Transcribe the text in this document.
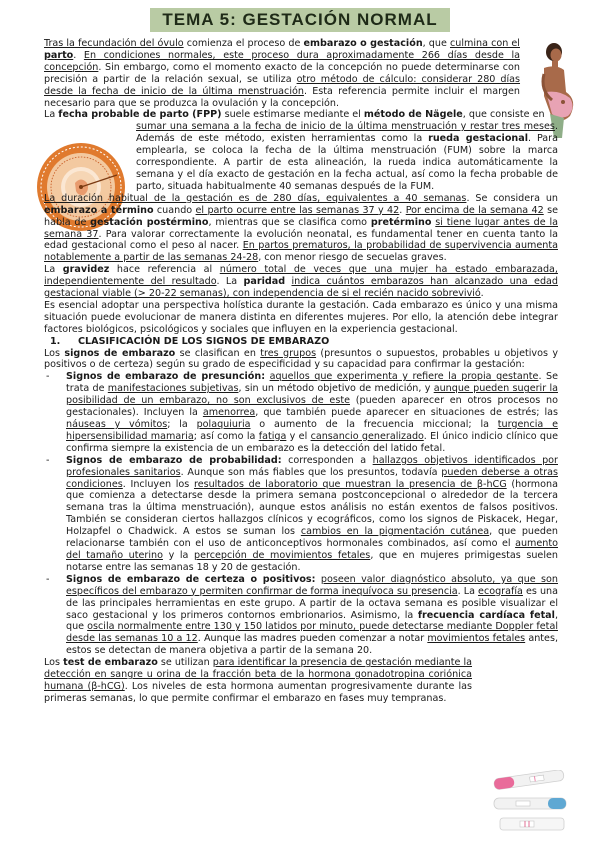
TEMA 5: GESTACIÓN NORMAL

Tras la fecundación del óvulo comienza el proceso de embarazo o gestación, que culmina con el parto. En condiciones normales, este proceso dura aproximadamente 266 días desde la concepción. Sin embargo, como el momento exacto de la concepción no puede determinarse con precisión a partir de la relación sexual, se utiliza otro método de cálculo: considerar 280 días desde la fecha de inicio de la última menstruación. Esta referencia permite incluir el margen necesario para que se produzca la ovulación y la concepción.

La fecha probable de parto (FPP) suele estimarse mediante el método de Nägele, que consiste en
sumar una semana a la fecha de inicio de la última menstruación y restar tres meses. Además de este método, existen herramientas como la rueda gestacional. Para emplearla, se coloca la fecha de la última menstruación (FUM) sobre la marca correspondiente. A partir de esta alineación, la rueda indica automáticamente la semana y el día exacto de gestación en la fecha actual, así como la fecha probable de parto, situada habitualmente 40 semanas después de la FUM.

La duración habitual de la gestación es de 280 días, equivalentes a 40 semanas. Se considera un embarazo a término cuando el parto ocurre entre las semanas 37 y 42. Por encima de la semana 42 se habla de gestación postérmino, mientras que se clasifica como pretérmino si tiene lugar antes de la semana 37. Para valorar correctamente la evolución neonatal, es fundamental tener en cuenta tanto la edad gestacional como el peso al nacer. En partos prematuros, la probabilidad de supervivencia aumenta notablemente a partir de las semanas 24-28, con menor riesgo de secuelas graves.

La gravidez hace referencia al número total de veces que una mujer ha estado embarazada, independientemente del resultado. La paridad indica cuántos embarazos han alcanzado una edad gestacional viable (> 20-22 semanas), con independencia de si el recién nacido sobrevivió.

Es esencial adoptar una perspectiva holística durante la gestación. Cada embarazo es único y una misma situación puede evolucionar de manera distinta en diferentes mujeres. Por ello, la atención debe integrar factores biológicos, psicológicos y sociales que influyen en la experiencia gestacional.

1. CLASIFICACIÓN DE LOS SIGNOS DE EMBARAZO

Los signos de embarazo se clasifican en tres grupos (presuntos o supuestos, probables u objetivos y positivos o de certeza) según su grado de especificidad y su capacidad para confirmar la gestación:

- Signos de embarazo de presunción: aquellos que experimenta y refiere la propia gestante. Se trata de manifestaciones subjetivas, sin un método objetivo de medición, y aunque pueden sugerir la posibilidad de un embarazo, no son exclusivos de este (pueden aparecer en otros procesos no gestacionales). Incluyen la amenorrea, que también puede aparecer en situaciones de estrés; las náuseas y vómitos; la polaquiuria o aumento de la frecuencia miccional; la turgencia e hipersensibilidad mamaria; así como la fatiga y el cansancio generalizado. El único indicio clínico que confirma siempre la existencia de un embarazo es la detección del latido fetal.
- Signos de embarazo de probabilidad: corresponden a hallazgos objetivos identificados por profesionales sanitarios. Aunque son más fiables que los presuntos, todavía pueden deberse a otras condiciones. Incluyen los resultados de laboratorio que muestran la presencia de β-hCG (hormona que comienza a detectarse desde la primera semana postconcepcional o alrededor de la tercera semana tras la última menstruación), aunque estos análisis no están exentos de falsos positivos. También se consideran ciertos hallazgos clínicos y ecográficos, como los signos de Piskacek, Hegar, Holzapfel o Chadwick. A estos se suman los cambios en la pigmentación cutánea, que pueden relacionarse también con el uso de anticonceptivos hormonales combinados, así como el aumento del tamaño uterino y la percepción de movimientos fetales, que en mujeres primigestas suelen notarse entre las semanas 18 y 20 de gestación.
- Signos de embarazo de certeza o positivos: poseen valor diagnóstico absoluto, ya que son específicos del embarazo y permiten confirmar de forma inequívoca su presencia. La ecografía es una de las principales herramientas en este grupo. A partir de la octava semana es posible visualizar el saco gestacional y los primeros contornos embrionarios. Asimismo, la frecuencia cardíaca fetal, que oscila normalmente entre 130 y 150 latidos por minuto, puede detectarse mediante Doppler fetal desde las semanas 10 a 12. Aunque las madres pueden comenzar a notar movimientos fetales antes, estos se detectan de manera objetiva a partir de la semana 20.

Los test de embarazo se utilizan para identificar la presencia de gestación mediante la detección en sangre u orina de la fracción beta de la hormona gonadotropina coriónica humana (β-hCG). Los niveles de esta hormona aumentan progresivamente durante las primeras semanas, lo que permite confirmar el embarazo en fases muy tempranas.
